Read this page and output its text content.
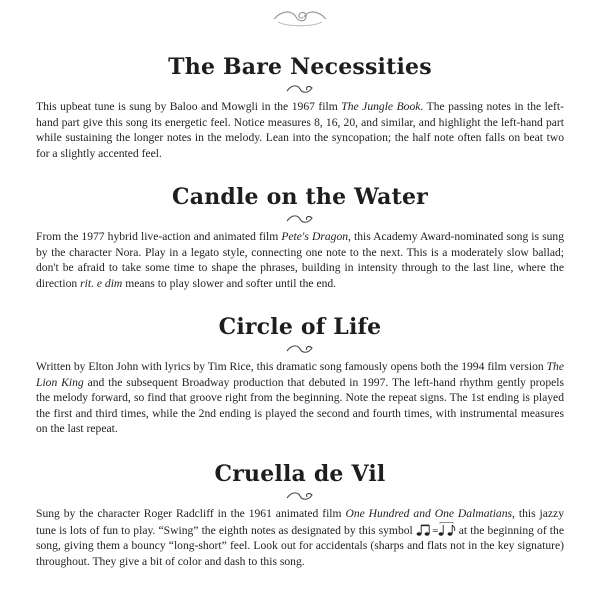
The Bare Necessities

This upbeat tune is sung by Baloo and Mowgli in the 1967 film The Jungle Book. The passing notes in the left-hand part give this song its energetic feel. Notice measures 8, 16, 20, and similar, and highlight the left-hand part while sustaining the longer notes in the melody. Lean into the syncopation; the half note often falls on beat two for a slightly accented feel.

Candle on the Water

From the 1977 hybrid live-action and animated film Pete's Dragon, this Academy Award-nominated song is sung by the character Nora. Play in a legato style, connecting one note to the next. This is a moderately slow ballad; don't be afraid to take some time to shape the phrases, building in intensity through to the last line, where the direction rit. e dim means to play slower and softer until the end.

Circle of Life

Written by Elton John with lyrics by Tim Rice, this dramatic song famously opens both the 1994 film version The Lion King and the subsequent Broadway production that debuted in 1997. The left-hand rhythm gently propels the melody forward, so find that groove right from the beginning. Note the repeat signs. The 1st ending is played the first and third times, while the 2nd ending is played the second and fourth times, with instrumental measures on the last repeat.

Cruella de Vil

Sung by the character Roger Radcliff in the 1961 animated film One Hundred and One Dalmatians, this jazzy tune is lots of fun to play. “Swing” the eighth notes as designated by this symbol = at the beginning of the song, giving them a bouncy “long-short” feel. Look out for accidentals (sharps and flats not in the key signature) throughout. They give a bit of color and dash to this song.
